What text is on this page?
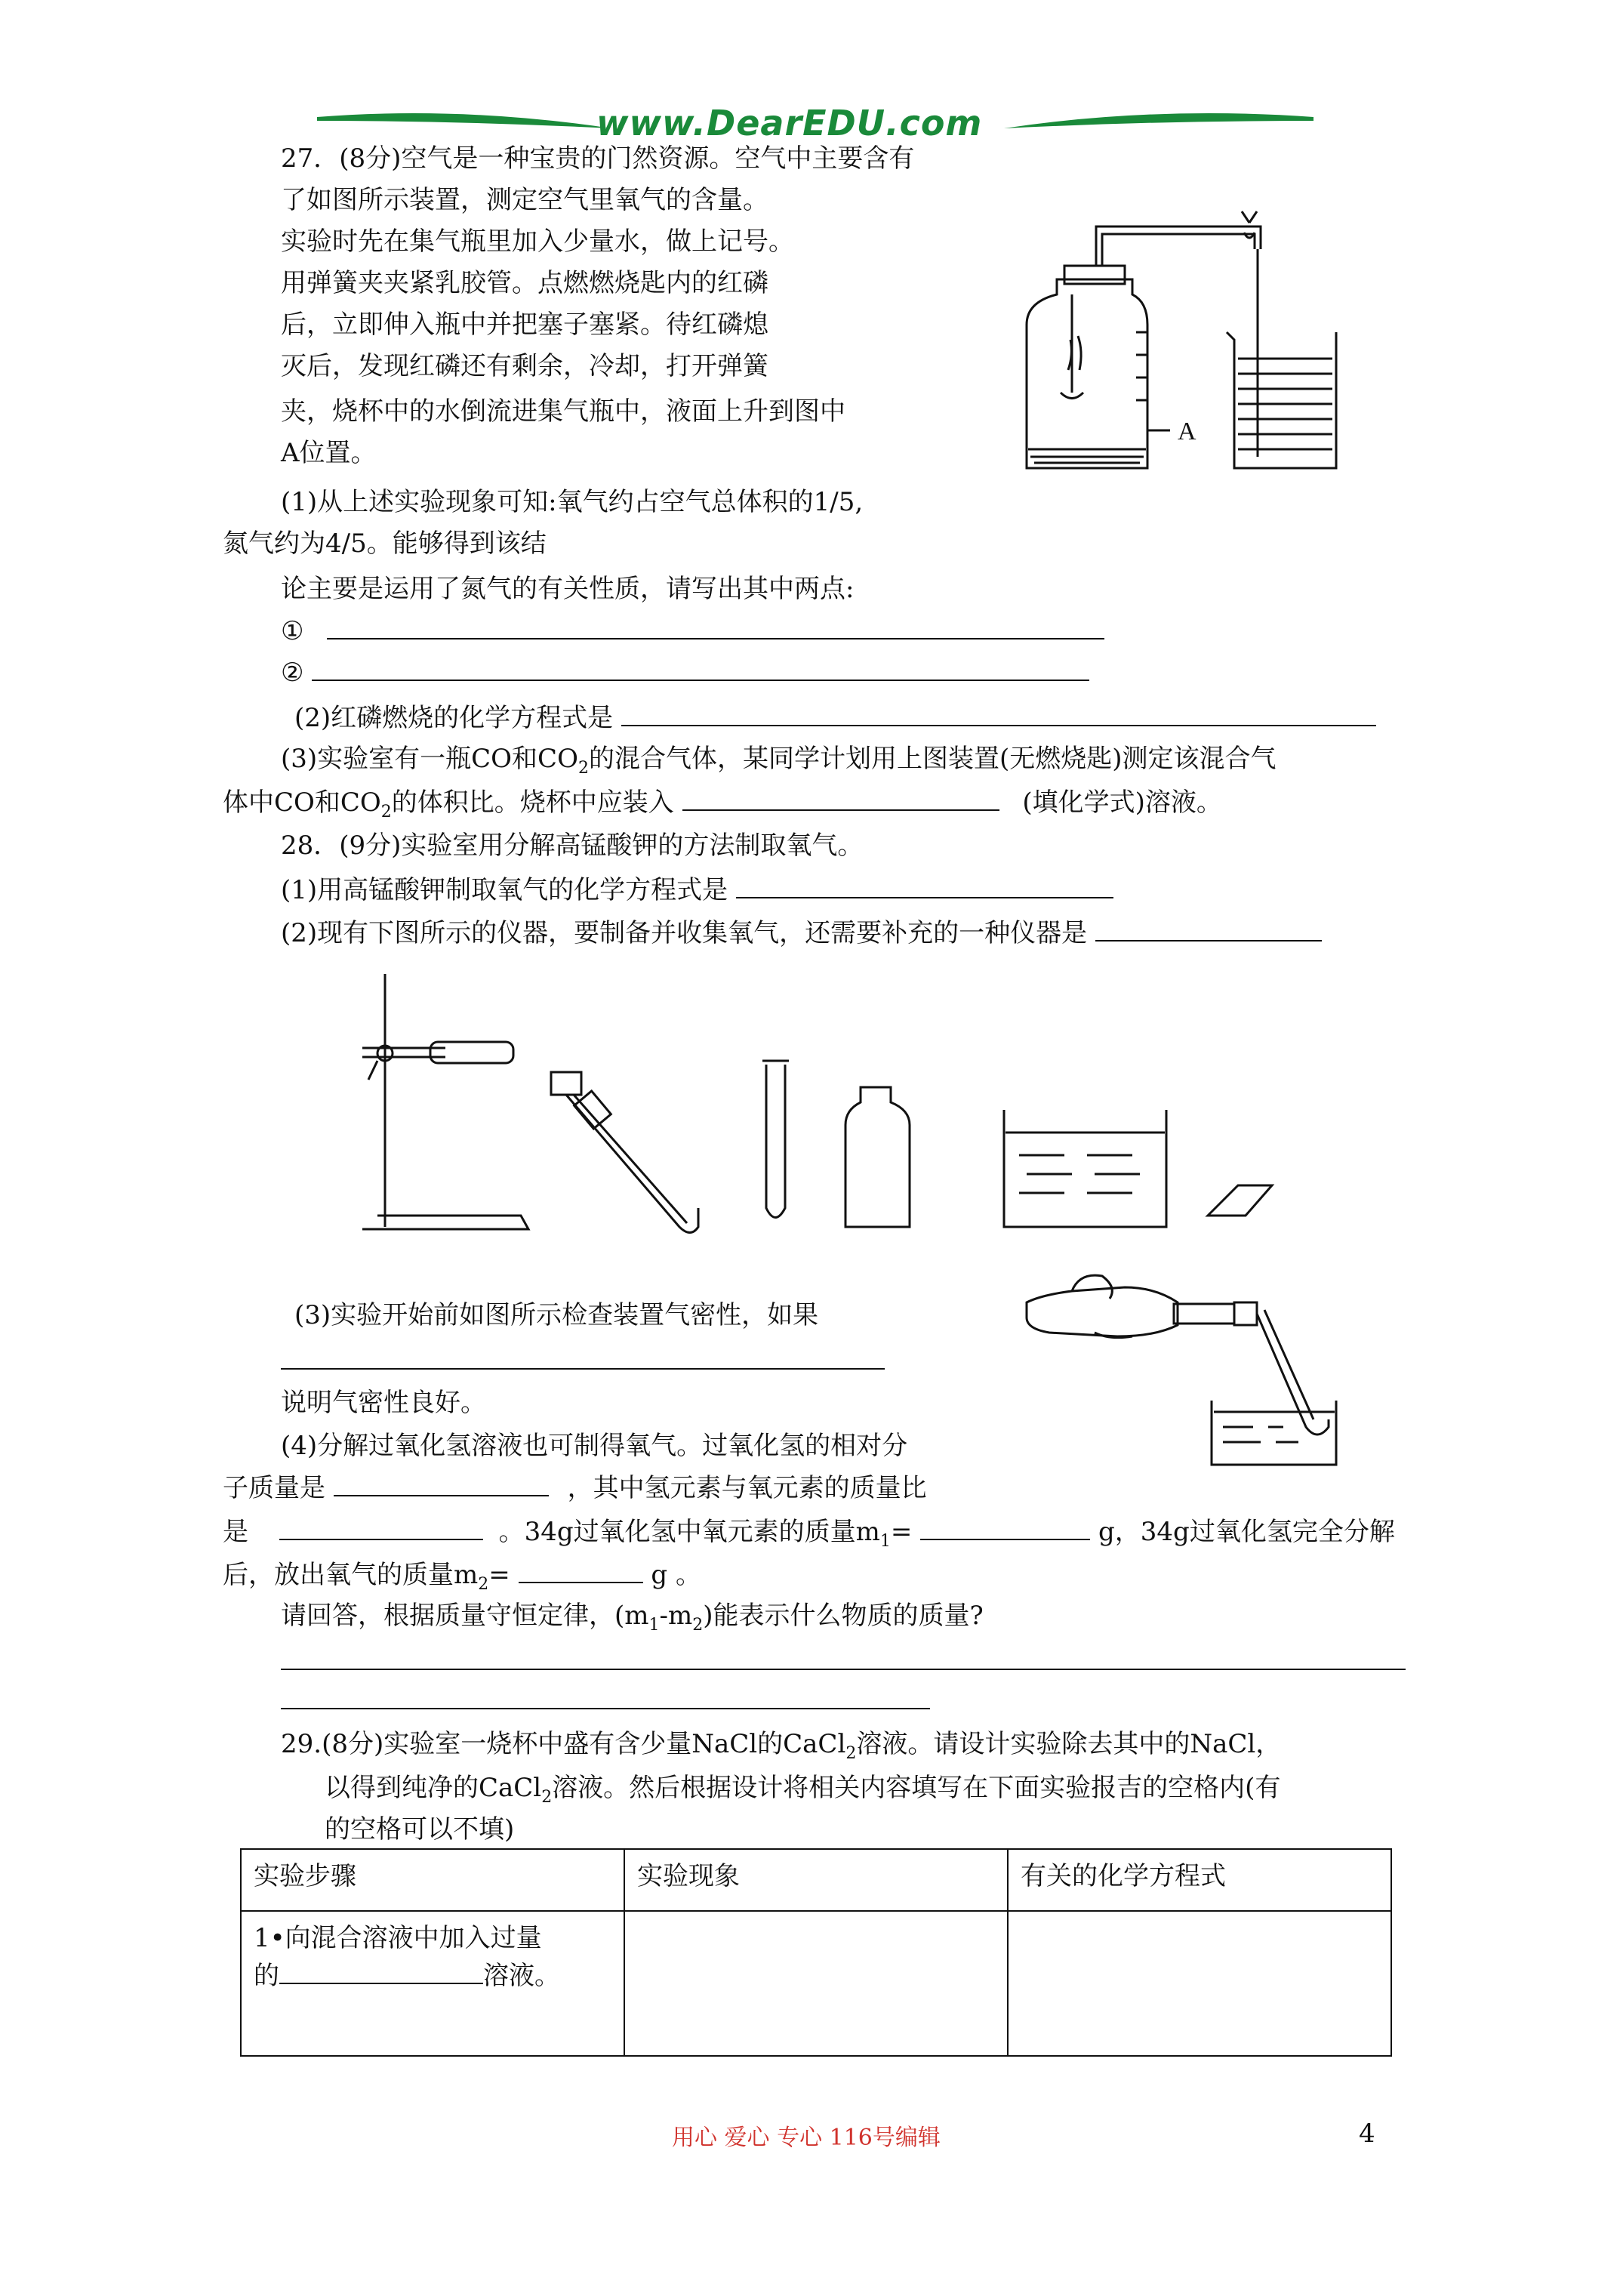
www.DearEDU.com
27．(8分)空气是一种宝贵的门然资源。空气中主要含有
了如图所示装置，测定空气里氧气的含量。
实验时先在集气瓶里加入少量水，做上记号。
用弹簧夹夹紧乳胶管。点燃燃烧匙内的红磷
后，立即伸入瓶中并把塞子塞紧。待红磷熄
灭后，发现红磷还有剩余，冷却，打开弹簧
夹，烧杯中的水倒流进集气瓶中，液面上升到图中
A位置。
A
(1)从上述实验现象可知:氧气约占空气总体积的1/5,
氮气约为4/5。能够得到该结
论主要是运用了氮气的有关性质，请写出其中两点:
①
②
(2)红磷燃烧的化学方程式是
(3)实验室有一瓶CO和$CO_2$的混合气体，某同学计划用上图装置(无燃烧匙)测定该混合气
体中CO和$CO_2$的体积比。烧杯中应装入	(填化学式)溶液。
28．(9分)实验室用分解高锰酸钾的方法制取氧气。
(1)用高锰酸钾制取氧气的化学方程式是
(2)现有下图所示的仪器，要制备并收集氧气，还需要补充的一种仪器是
(3)实验开始前如图所示检查装置气密性，如果
说明气密性良好。
(4)分解过氧化氢溶液也可制得氧气。过氧化氢的相对分
子质量是	，其中氢元素与氧元素的质量比
是	。34g过氧化氢中氧元素的质量$m_1=$	g，34g过氧化氢完全分解
后，放出氧气的质量$m_2=$	g 。
请回答，根据质量守恒定律，$(m_1-m_2)$能表示什么物质的质量?
29.(8分)实验室一烧杯中盛有含少量NaCl的CaCl$_2$溶液。请设计实验除去其中的NaCl，
以得到纯净的CaCl$_2$溶液。然后根据设计将相关内容填写在下面实验报吉的空格内(有
的空格可以不填)
实验步骤	实验现象	有关的化学方程式

1•向混合溶液中加入过量
的 溶液。		

用心 爱心 专心 116号编辑	4
